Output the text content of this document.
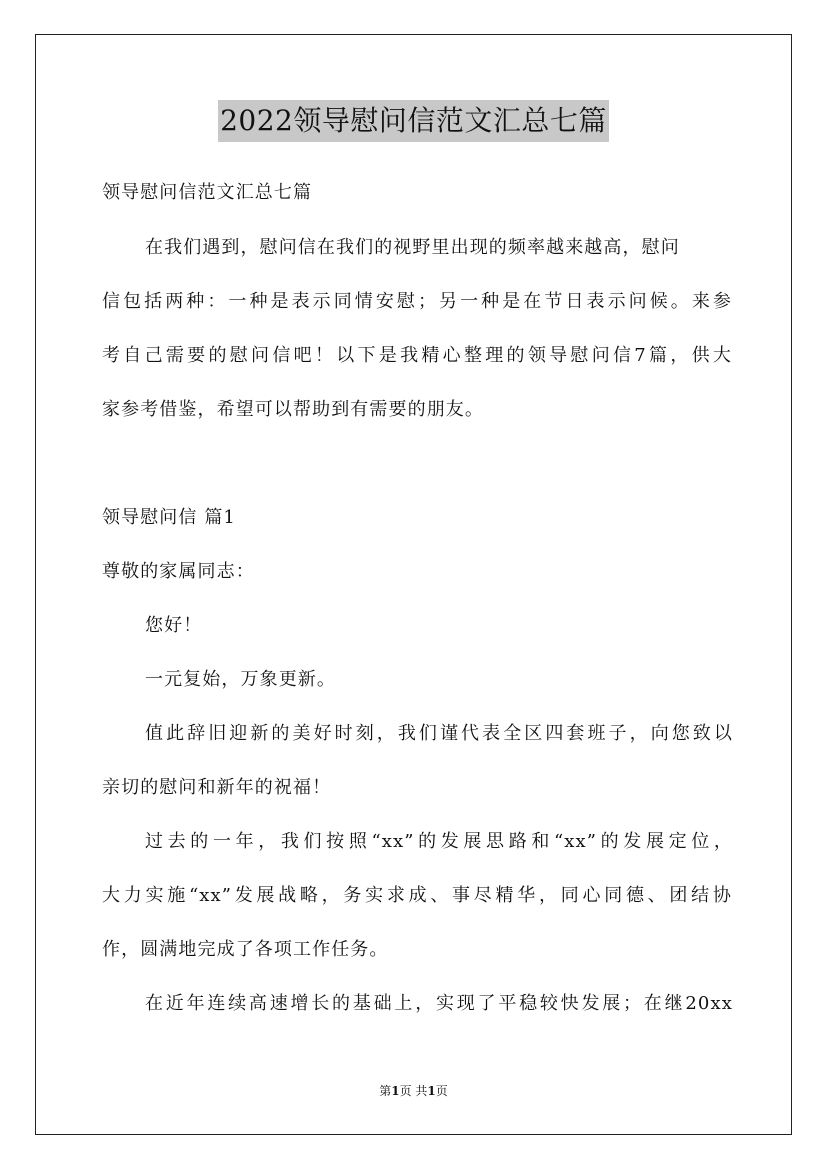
2022领导慰问信范文汇总七篇
领导慰问信范文汇总七篇
在我们遇到，慰问信在我们的视野里出现的频率越来越高，慰问
信包括两种：一种是表示同情安慰；另一种是在节日表示问候。来参
考自己需要的慰问信吧！以下是我精心整理的领导慰问信7篇，供大
家参考借鉴，希望可以帮助到有需要的朋友。
领导慰问信 篇1
尊敬的家属同志：
您好！
一元复始，万象更新。
值此辞旧迎新的美好时刻，我们谨代表全区四套班子，向您致以
亲切的慰问和新年的祝福！
过去的一年，我们按照“xx”的发展思路和“xx”的发展定位，
大力实施“xx”发展战略，务实求成、事尽精华，同心同德、团结协
作，圆满地完成了各项工作任务。
在近年连续高速增长的基础上，实现了平稳较快发展；在继20xx
第1页 共1页
